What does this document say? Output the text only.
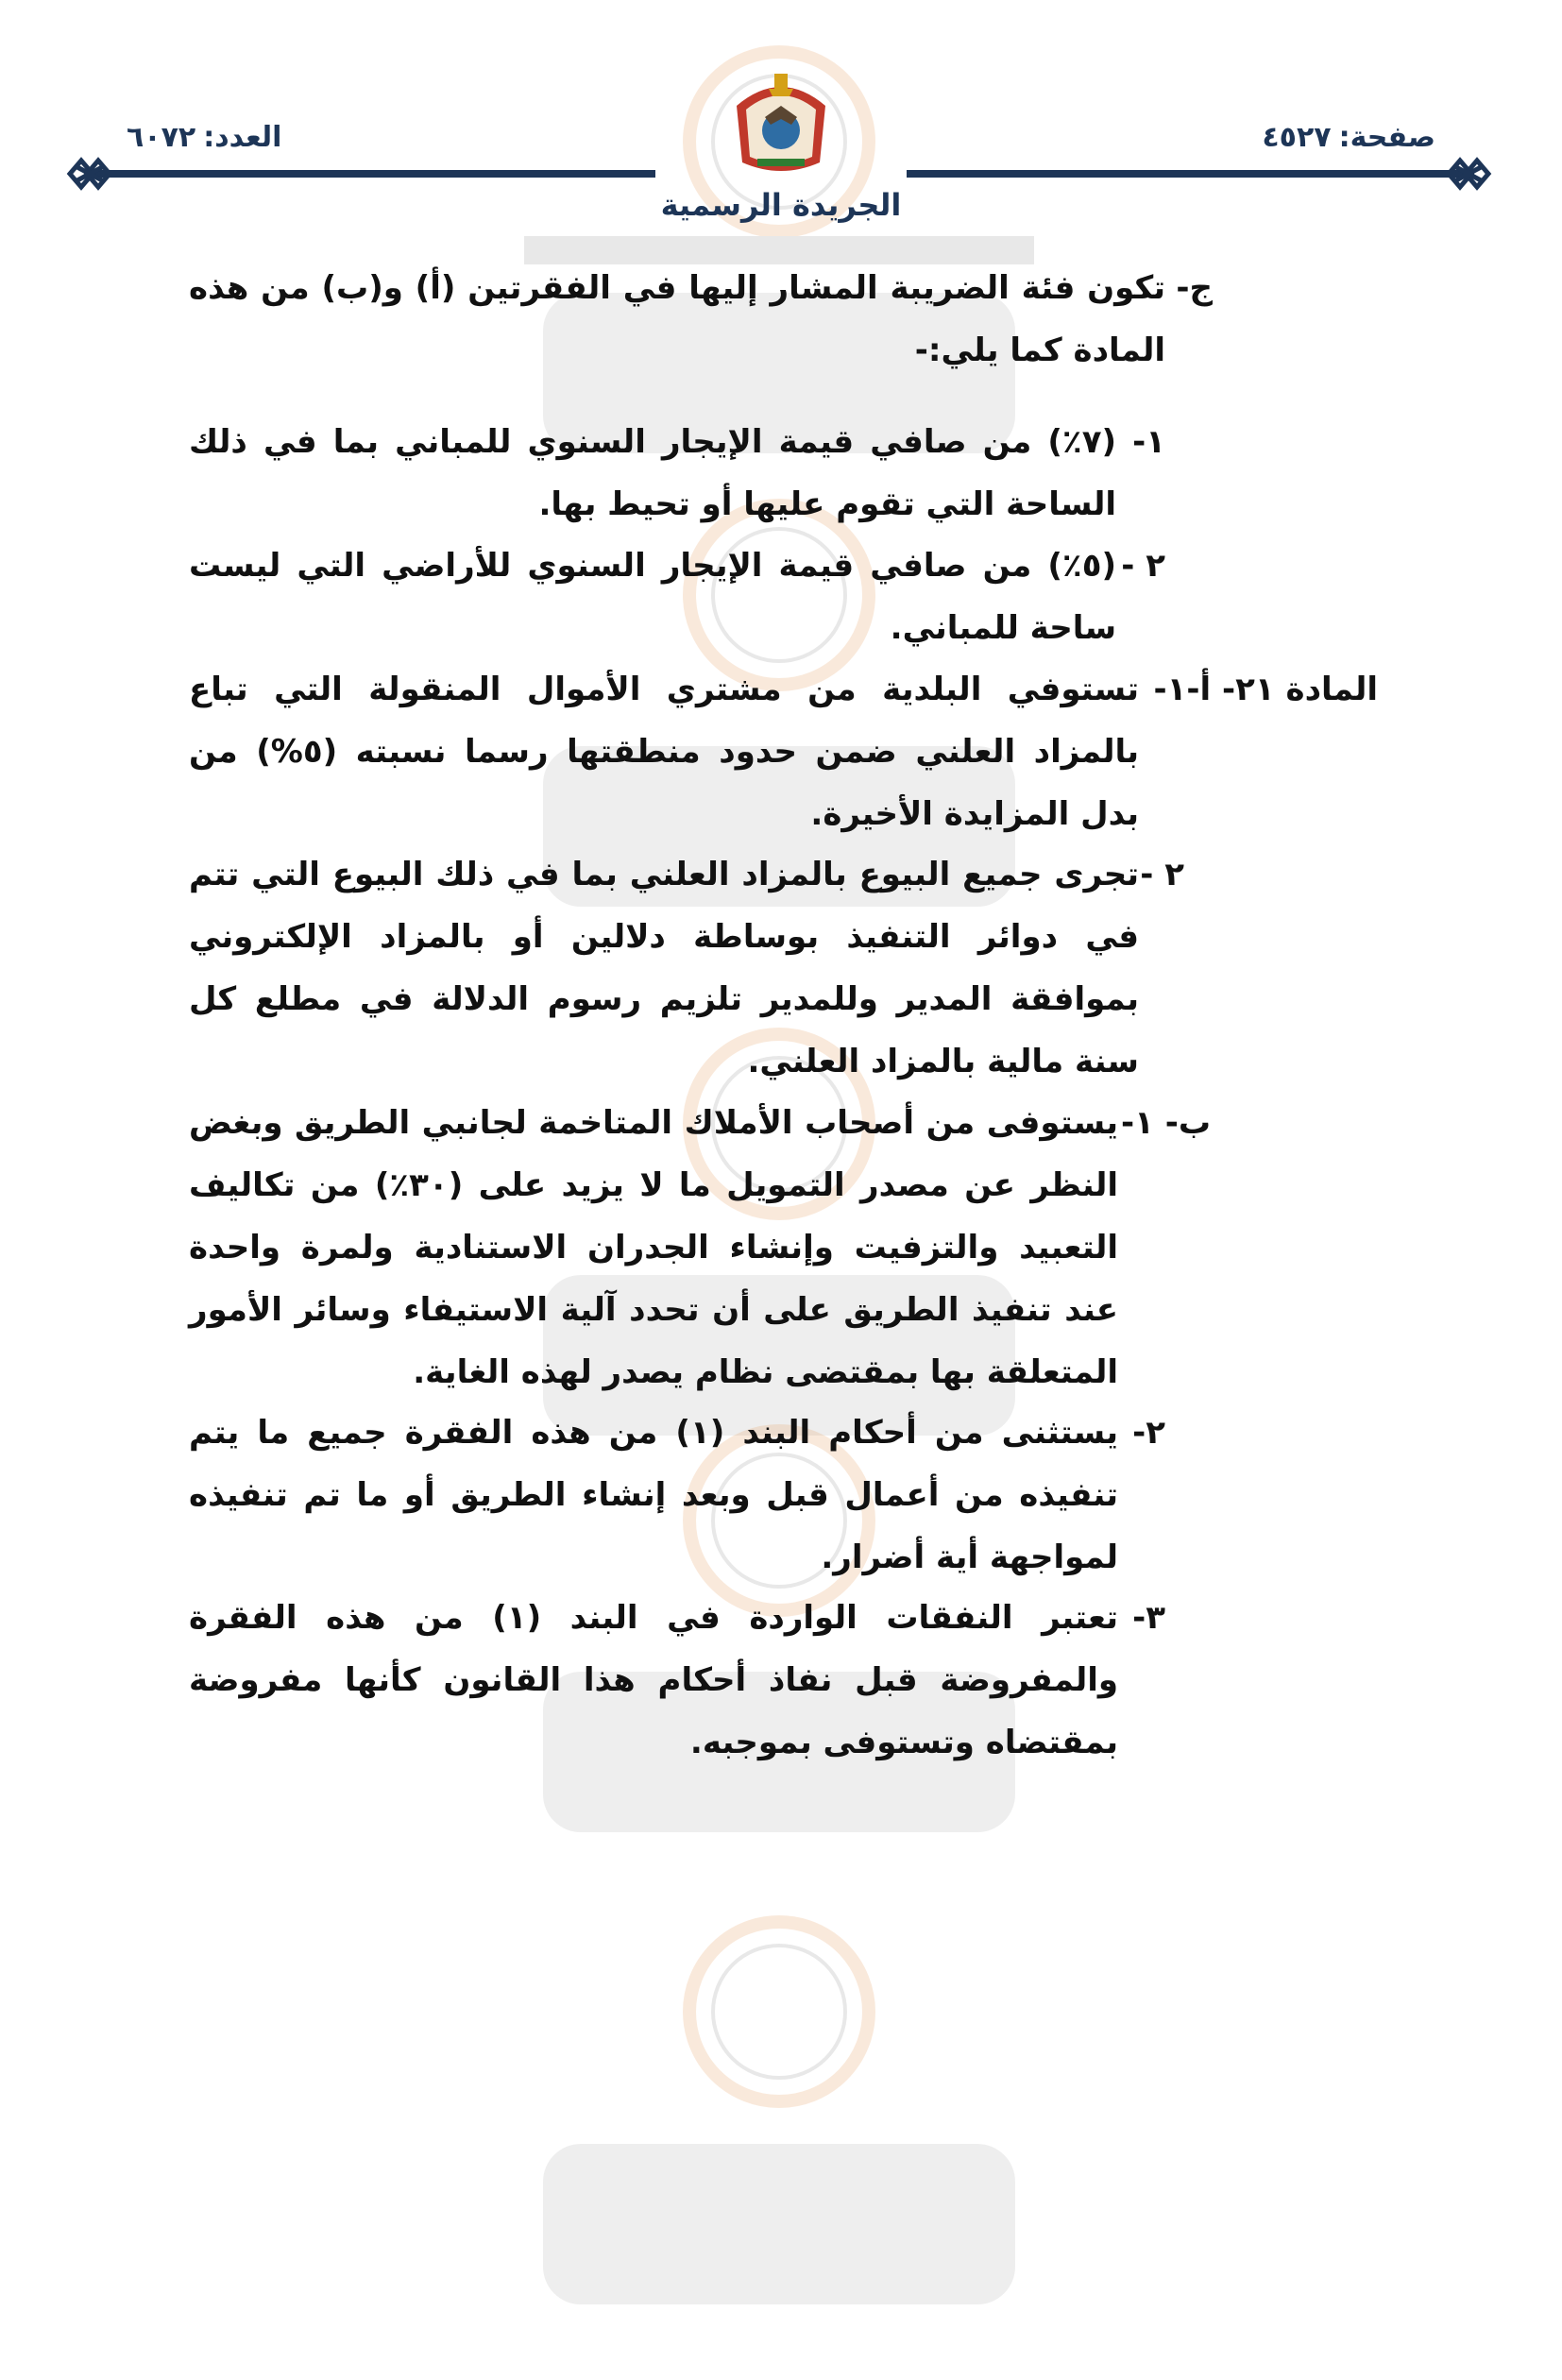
صفحة:٤٥٢٧
العدد:٦٠٧٢
الجريدة الرسمية
ج-
تكون فئة الضريبة المشار إليها في الفقرتين (أ) و(ب) من هذه المادة كما يلي:-
١-
(٧٪) من صافي قيمة الإيجار السنوي للمباني بما في ذلك الساحة التي تقوم عليها أو تحيط بها.
٢ -
(٥٪) من صافي قيمة الإيجار السنوي للأراضي التي ليست ساحة للمباني.
المادة ٢١- أ-١-
تستوفي البلدية من مشتري الأموال المنقولة التي تباع بالمزاد العلني ضمن حدود منطقتها رسما نسبته (٥%) من بدل المزايدة الأخيرة.
٢ -
تجرى جميع البيوع بالمزاد العلني بما في ذلك البيوع التي تتم في دوائر التنفيذ بوساطة دلالين أو بالمزاد الإلكتروني بموافقة المدير وللمدير تلزيم رسوم الدلالة في مطلع كل سنة مالية بالمزاد العلني.
ب- ١-
يستوفى من أصحاب الأملاك المتاخمة لجانبي الطريق وبغض النظر عن مصدر التمويل ما لا يزيد على (٣٠٪) من تكاليف التعبيد والتزفيت وإنشاء الجدران الاستنادية ولمرة واحدة عند تنفيذ الطريق على أن تحدد آلية الاستيفاء وسائر الأمور المتعلقة بها بمقتضى نظام يصدر لهذه الغاية.
٢-
يستثنى من أحكام البند (١) من هذه الفقرة جميع ما يتم تنفيذه من أعمال قبل وبعد إنشاء الطريق أو ما تم تنفيذه لمواجهة أية أضرار.
٣-
تعتبر النفقات الواردة في البند (١) من هذه الفقرة والمفروضة قبل نفاذ أحكام هذا القانون كأنها مفروضة بمقتضاه وتستوفى بموجبه.
